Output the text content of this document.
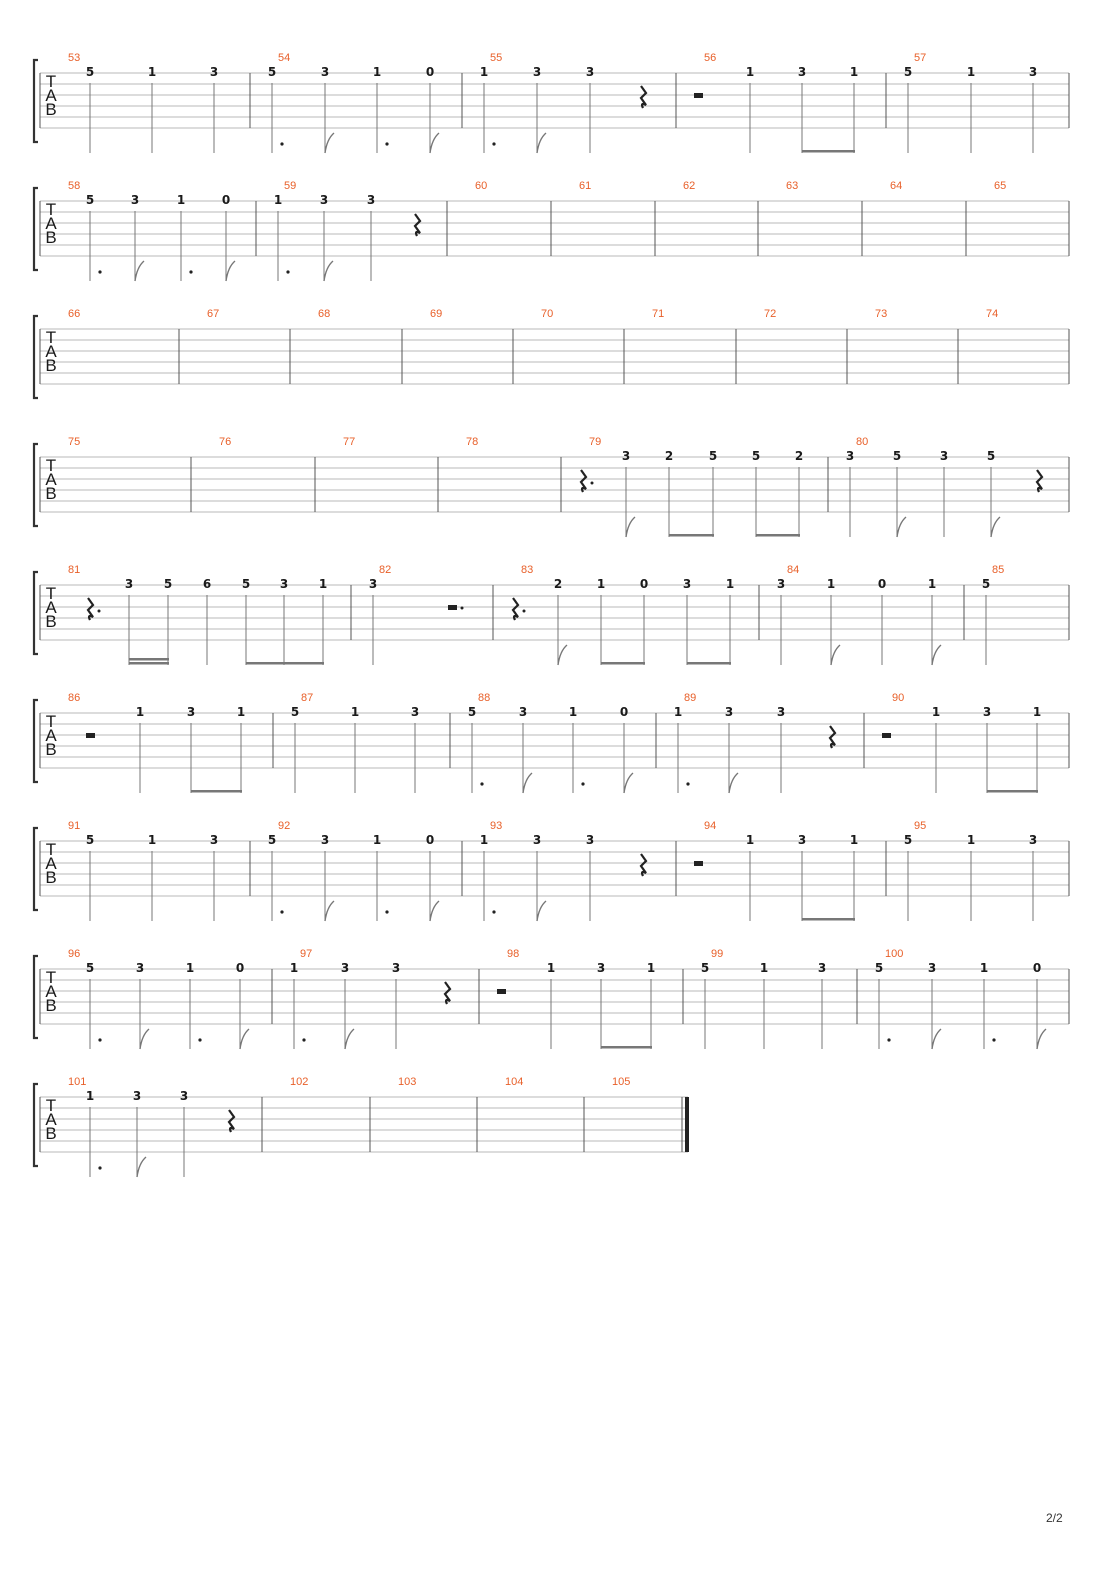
T
A
B
53
5	1	3
54
5	3	1	0
55
1	3	3
56
1	3	1
57
5	1	3
T
A
B
58
5	3	1	0
59
1	3	3
60	61	62	63	64	65
T
A
B
66	67	68	69	70	71	72	73	74
T
A
B
75	76	77	78	79
3	2	5	5	2
80
3	5	3	5
T
A
B
81
3	5	6	5 3	1
82
3
83
2	1	0	3	1
84
3	1	0	1
85
5
T
A
B
86
1	3	1
87
5	1	3
88
5	3	1	0
89
1	3	3
90
1	3	1
T
A
B
91
5	1	3
92
5	3	1	0
93
1	3	3
94
1	3	1
95
5	1	3
T
A
B
96
5	3	1	0
97
1	3	3
98
1	3	1
99
5	1	3
100
5	3	1	0
T
A
B
101
1	3	3
102	103	104	105
2/2
